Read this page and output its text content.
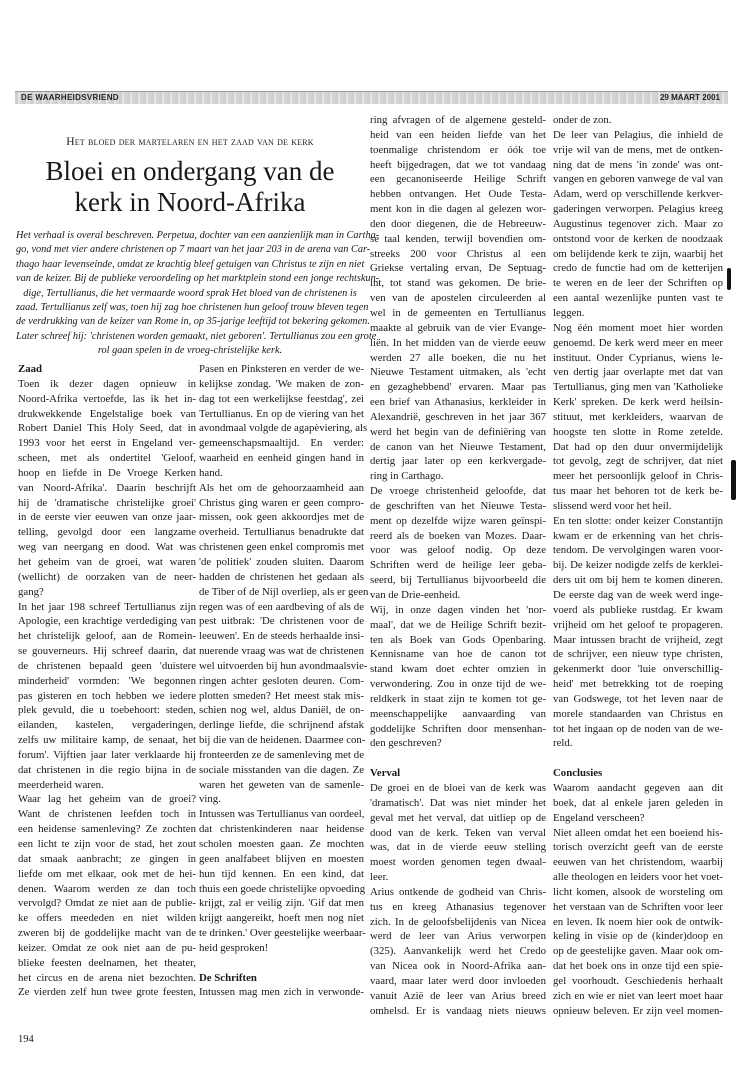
DE WAARHEIDSVRIEND	29 MAART 2001
Het bloed der martelaren en het zaad van de kerk
Bloei en ondergang van de
kerk in Noord-Afrika
Het verhaal is overal beschreven. Perpetua, dochter van een aanzienlijk man in Cartha-
go, vond met vier andere christenen op 7 maart van het jaar 203 in de arena van Car-
thago haar levenseinde, omdat ze krachtig bleef getuigen van Christus te zijn en niet
van de keizer. Bij de publieke veroordeling op het marktplein stond een jonge rechtskun-
dige, Tertullianus, die het vermaarde woord sprak Het bloed van de christenen is
zaad. Tertullianus zelf was, toen hij zag hoe christenen hun geloof trouw bleven tegen
de verdrukking van de keizer van Rome in, op 35-jarige leeftijd tot bekering gekomen.
Later schreef hij: 'christenen worden gemaakt, niet geboren'. Tertullianus zou een grote
rol gaan spelen in de vroeg-christelijke kerk.
Zaad
Toen ik dezer dagen opnieuw in
Noord-Afrika vertoefde, las ik het in-
drukwekkende Engelstalige boek van
Robert Daniel This Holy Seed, dat in
1993 voor het eerst in Engeland ver-
scheen, met als ondertitel 'Geloof,
hoop en liefde in De Vroege Kerken
van Noord-Afrika'. Daarin beschrijft
hij de 'dramatische christelijke groei'
in de eerste vier eeuwen van onze jaar-
telling, gevolgd door een langzame
weg van neergang en dood. Wat was
het geheim van de groei, wat waren
(wellicht) de oorzaken van de neer-
gang?
In het jaar 198 schreef Tertullianus zijn
Apologie, een krachtige verdediging van
het christelijk geloof, aan de Romein-
se gouverneurs. Hij schreef daarin, dat
de christenen bepaald geen 'duistere
minderheid' vormden: 'We begonnen
pas gisteren en toch hebben we iedere
plek gevuld, die u toebehoort: steden,
eilanden, kastelen, vergaderingen,
zelfs uw militaire kamp, de senaat, het
forum'. Vijftien jaar later verklaarde hij
dat christenen in die regio bijna in de
meerderheid waren.
Waar lag het geheim van de groei?
Want de christenen leefden toch in
een heidense samenleving? Ze zochten
een licht te zijn voor de stad, het zout
dat smaak aanbracht; ze gingen in
liefde om met elkaar, ook met de hei-
denen. Waarom werden ze dan toch
vervolgd? Omdat ze niet aan de publie-
ke offers meededen en niet wilden
zweren bij de goddelijke macht van de
keizer. Omdat ze ook niet aan de pu-
blieke feesten deelnamen, het theater,
het circus en de arena niet bezochten.
Ze vierden zelf hun twee grote feesten,
Pasen en Pinksteren en verder de we-
kelijkse zondag. 'We maken de zon-
dag tot een werkelijkse feestdag', zei
Tertullianus. En op de viering van het
avondmaal volgde de agapèviering, als
gemeenschapsmaaltijd. En verder:
waarheid en eenheid gingen hand in
hand.
Als het om de gehoorzaamheid aan
Christus ging waren er geen compro-
missen, ook geen akkoordjes met de
overheid. Tertullianus benadrukte dat
christenen geen enkel compromis met
'de politiek' zouden sluiten. Daarom
hadden de christenen het gedaan als
de Tiber of de Nijl overliep, als er geen
regen was of een aardbeving of als de
pest uitbrak: 'De christenen voor de
leeuwen'. En de steeds herhaalde insi-
nuerende vraag was wat de christenen
wel uitvoerden bij hun avondmaalsvie-
ringen achter gesloten deuren. Com-
plotten smeden? Het meest stak mis-
schien nog wel, aldus Daniël, de on-
derlinge liefde, die schrijnend afstak
bij die van de heidenen. Daarmee con-
fronteerden ze de samenleving met de
sociale misstanden van die dagen. Ze
waren het geweten van de samenle-
ving.
Intussen was Tertullianus van oordeel,
dat christenkinderen naar heidense
scholen moesten gaan. Ze mochten
geen analfabeet blijven en moesten
hun tijd kennen. En een kind, dat
thuis een goede christelijke opvoeding
krijgt, zal er veilig zijn. 'Gif dat men
krijgt aangereikt, hoeft men nog niet
te drinken.' Over geestelijke weerbaar-
heid gesproken!
De Schriften
Intussen mag men zich in verwonde-
ring afvragen of de algemene gesteld-
heid van een heiden liefde van het
toenmalige christendom er óók toe
heeft bijgedragen, dat we tot vandaag
een gecanoniseerde Heilige Schrift
hebben ontvangen. Het Oude Testa-
ment kon in die dagen al gelezen wor-
den door diegenen, die de Hebreeuw-
se taal kenden, terwijl bovendien om-
streeks 200 voor Christus al een
Griekse vertaling ervan, De Septuag-
int, tot stand was gekomen. De brie-
ven van de apostelen circuleerden al
wel in de gemeenten en Tertullianus
maakte al gebruik van de vier Evange-
liën. In het midden van de vierde eeuw
werden 27 alle boeken, die nu het
Nieuwe Testament uitmaken, als 'echt
en gezaghebbend' ervaren. Maar pas
een brief van Athanasius, kerkleider in
Alexandrië, geschreven in het jaar 367
werd het begin van de definiëring van
de canon van het Nieuwe Testament,
dertig jaar later op een kerkvergade-
ring in Carthago.
De vroege christenheid geloofde, dat
de geschriften van het Nieuwe Testa-
ment op dezelfde wijze waren geïnspi-
reerd als de boeken van Mozes. Daar-
voor was geloof nodig. Op deze
Schriften werd de heilige leer geba-
seerd, bij Tertullianus bijvoorbeeld die
van de Drie-eenheid.
Wij, in onze dagen vinden het 'nor-
maal', dat we de Heilige Schrift bezit-
ten als Boek van Gods Openbaring.
Kennisname van hoe de canon tot
stand kwam doet echter omzien in
verwondering. Zou in onze tijd de we-
reldkerk in staat zijn te komen tot ge-
meenschappelijke aanvaarding van
goddelijke Schriften door mensenhan-
den geschreven?
Verval
De groei en de bloei van de kerk was
'dramatisch'. Dat was niet minder het
geval met het verval, dat uitliep op de
dood van de kerk. Teken van verval
was, dat in de vierde eeuw stelling
moest worden genomen tegen dwaal-
leer.
Arius ontkende de godheid van Chris-
tus en kreeg Athanasius tegenover
zich. In de geloofsbelijdenis van Nicea
werd de leer van Arius verworpen
(325). Aanvankelijk werd het Credo
van Nicea ook in Noord-Afrika aan-
vaard, maar later werd door invloeden
vanuit Azië de leer van Arius breed
omhelsd. Er is vandaag niets nieuws
onder de zon.
De leer van Pelagius, die inhield de
vrije wil van de mens, met de ontken-
ning dat de mens 'in zonde' was ont-
vangen en geboren vanwege de val van
Adam, werd op verschillende kerkver-
gaderingen verworpen. Pelagius kreeg
Augustinus tegenover zich. Maar zo
ontstond voor de kerken de noodzaak
om belijdende kerk te zijn, waarbij het
credo de functie had om de ketterijen
te weren en de leer der Schriften op
een aantal wezenlijke punten vast te
leggen.
Nog één moment moet hier worden
genoemd. De kerk werd meer en meer
instituut. Onder Cyprianus, wiens le-
ven dertig jaar overlapte met dat van
Tertullianus, ging men van 'Katholieke
Kerk' spreken. De kerk werd heilsin-
stituut, met kerkleiders, waarvan de
hoogste ten slotte in Rome zetelde.
Dat had op den duur onvermijdelijk
tot gevolg, zegt de schrijver, dat niet
meer het persoonlijk geloof in Chris-
tus maar het behoren tot de kerk be-
slissend werd voor het heil.
En ten slotte: onder keizer Constantijn
kwam er de erkenning van het chris-
tendom. De vervolgingen waren voor-
bij. De keizer nodigde zelfs de kerklei-
ders uit om bij hem te komen dineren.
De eerste dag van de week werd inge-
voerd als publieke rustdag. Er kwam
vrijheid om het geloof te propageren.
Maar intussen bracht de vrijheid, zegt
de schrijver, een nieuw type christen,
gekenmerkt door 'luie onverschillig-
heid' met betrekking tot de roeping
van Godswege, tot het leven naar de
morele standaarden van Christus en
tot het ingaan op de noden van de we-
reld.
Conclusies
Waarom aandacht gegeven aan dit
boek, dat al enkele jaren geleden in
Engeland verscheen?
Niet alleen omdat het een boeiend his-
torisch overzicht geeft van de eerste
eeuwen van het christendom, waarbij
alle theologen en leiders voor het voet-
licht komen, alsook de worsteling om
het verstaan van de Schriften voor leer
en leven. Ik noem hier ook de ontwik-
keling in visie op de (kinder)doop en
op de geestelijke gaven. Maar ook om-
dat het boek ons in onze tijd een spie-
gel voorhoudt. Geschiedenis herhaalt
zich en wie er niet van leert moet haar
opnieuw beleven. Er zijn veel momen-
194
